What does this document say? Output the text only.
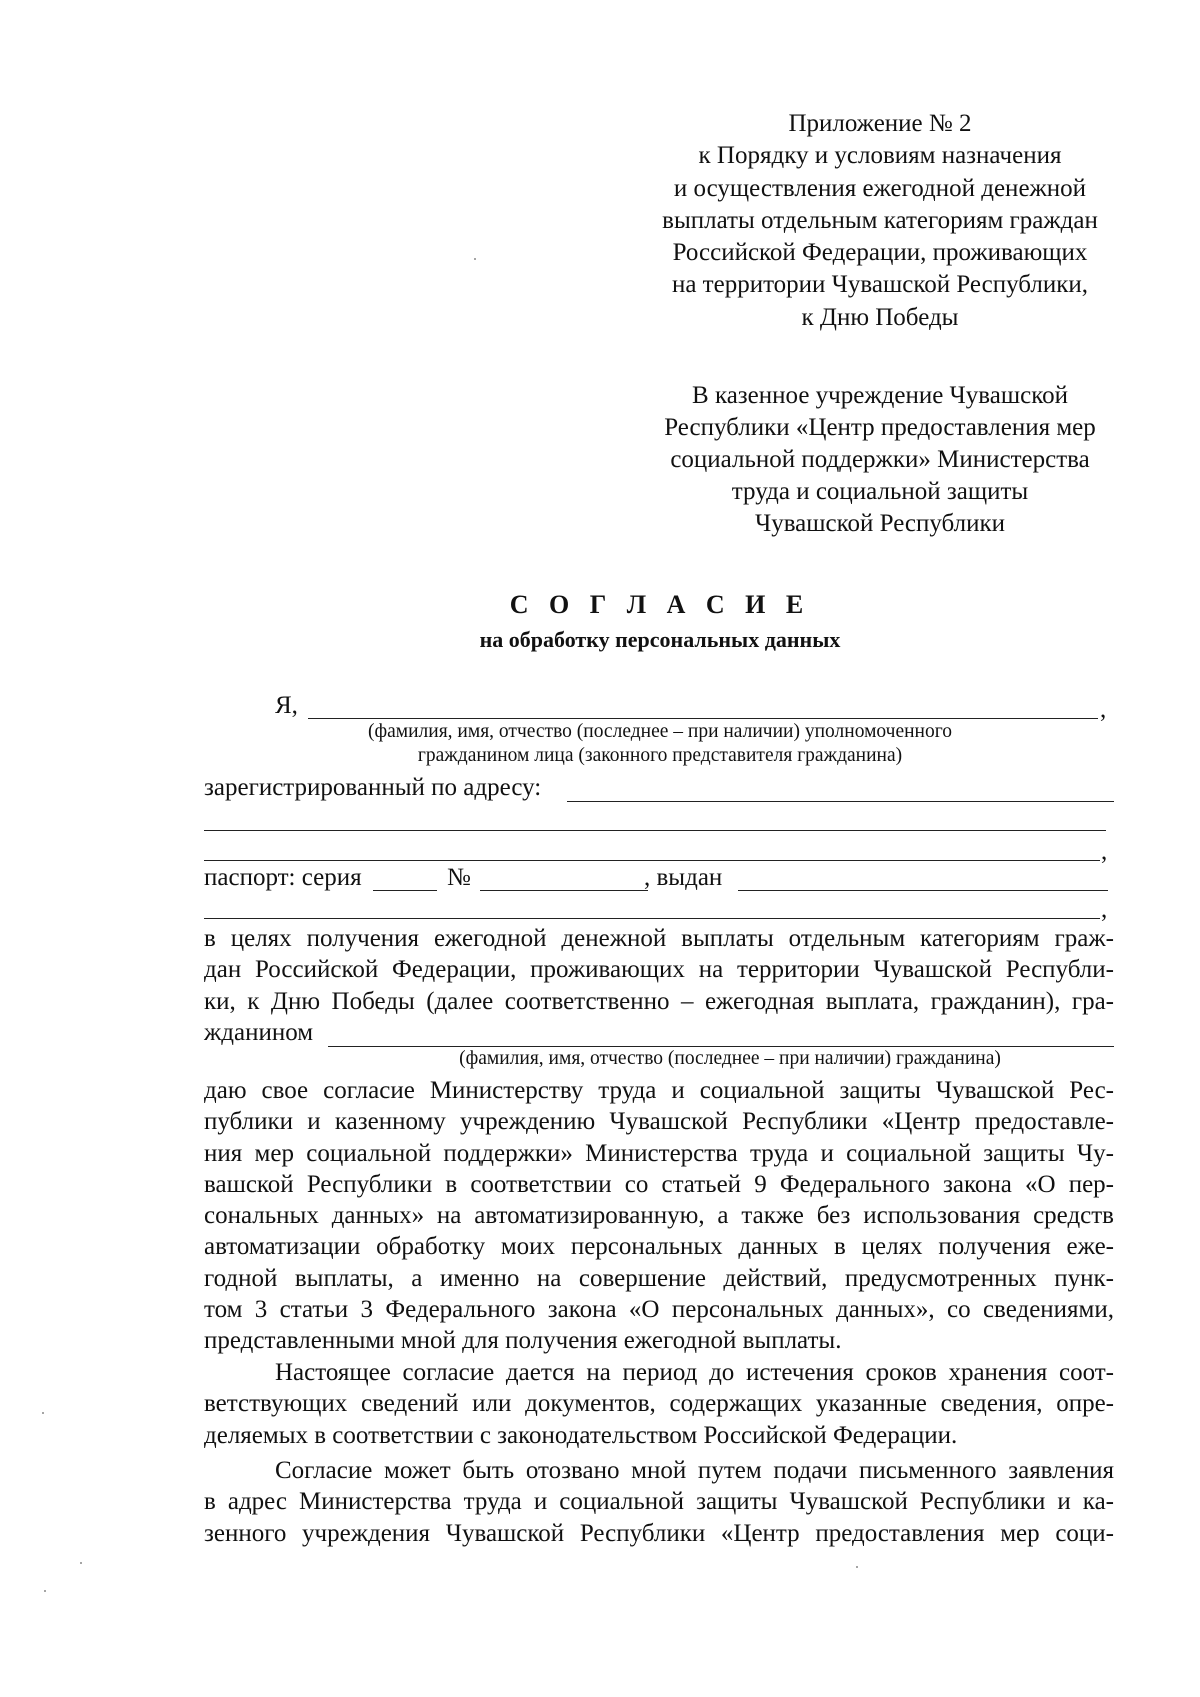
Приложение № 2
к Порядку и условиям назначения
и осуществления ежегодной денежной
выплаты отдельным категориям граждан
Российской Федерации, проживающих
на территории Чувашской Республики,
к Дню Победы
В казенное учреждение Чувашской
Республики «Центр предоставления мер
социальной поддержки» Министерства
труда и социальной защиты
Чувашской Республики
С О Г Л А С И Е
на обработку персональных данных
Я,	,
(фамилия, имя, отчество (последнее – при наличии) уполномоченного
гражданином лица (законного представителя гражданина)
зарегистрированный по адресу:
,
паспорт: серия	№	, выдан
,
в целях получения ежегодной денежной выплаты отдельным категориям граж-
дан Российской Федерации, проживающих на территории Чувашской Республи-
ки, к Дню Победы (далее соответственно – ежегодная выплата, гражданин), гра-
жданином
(фамилия, имя, отчество (последнее – при наличии) гражданина)
даю свое согласие Министерству труда и социальной защиты Чувашской Рес-
публики и казенному учреждению Чувашской Республики «Центр предоставле-
ния мер социальной поддержки» Министерства труда и социальной защиты Чу-
вашской Республики в соответствии со статьей 9 Федерального закона «О пер-
сональных данных» на автоматизированную, а также без использования средств
автоматизации обработку моих персональных данных в целях получения еже-
годной выплаты, а именно на совершение действий, предусмотренных пунк-
том 3 статьи 3 Федерального закона «О персональных данных», со сведениями,
представленными мной для получения ежегодной выплаты.
Настоящее согласие дается на период до истечения сроков хранения соот-
ветствующих сведений или документов, содержащих указанные сведения, опре-
деляемых в соответствии с законодательством Российской Федерации.
Согласие может быть отозвано мной путем подачи письменного заявления
в адрес Министерства труда и социальной защиты Чувашской Республики и ка-
зенного учреждения Чувашской Республики «Центр предоставления мер соци-
